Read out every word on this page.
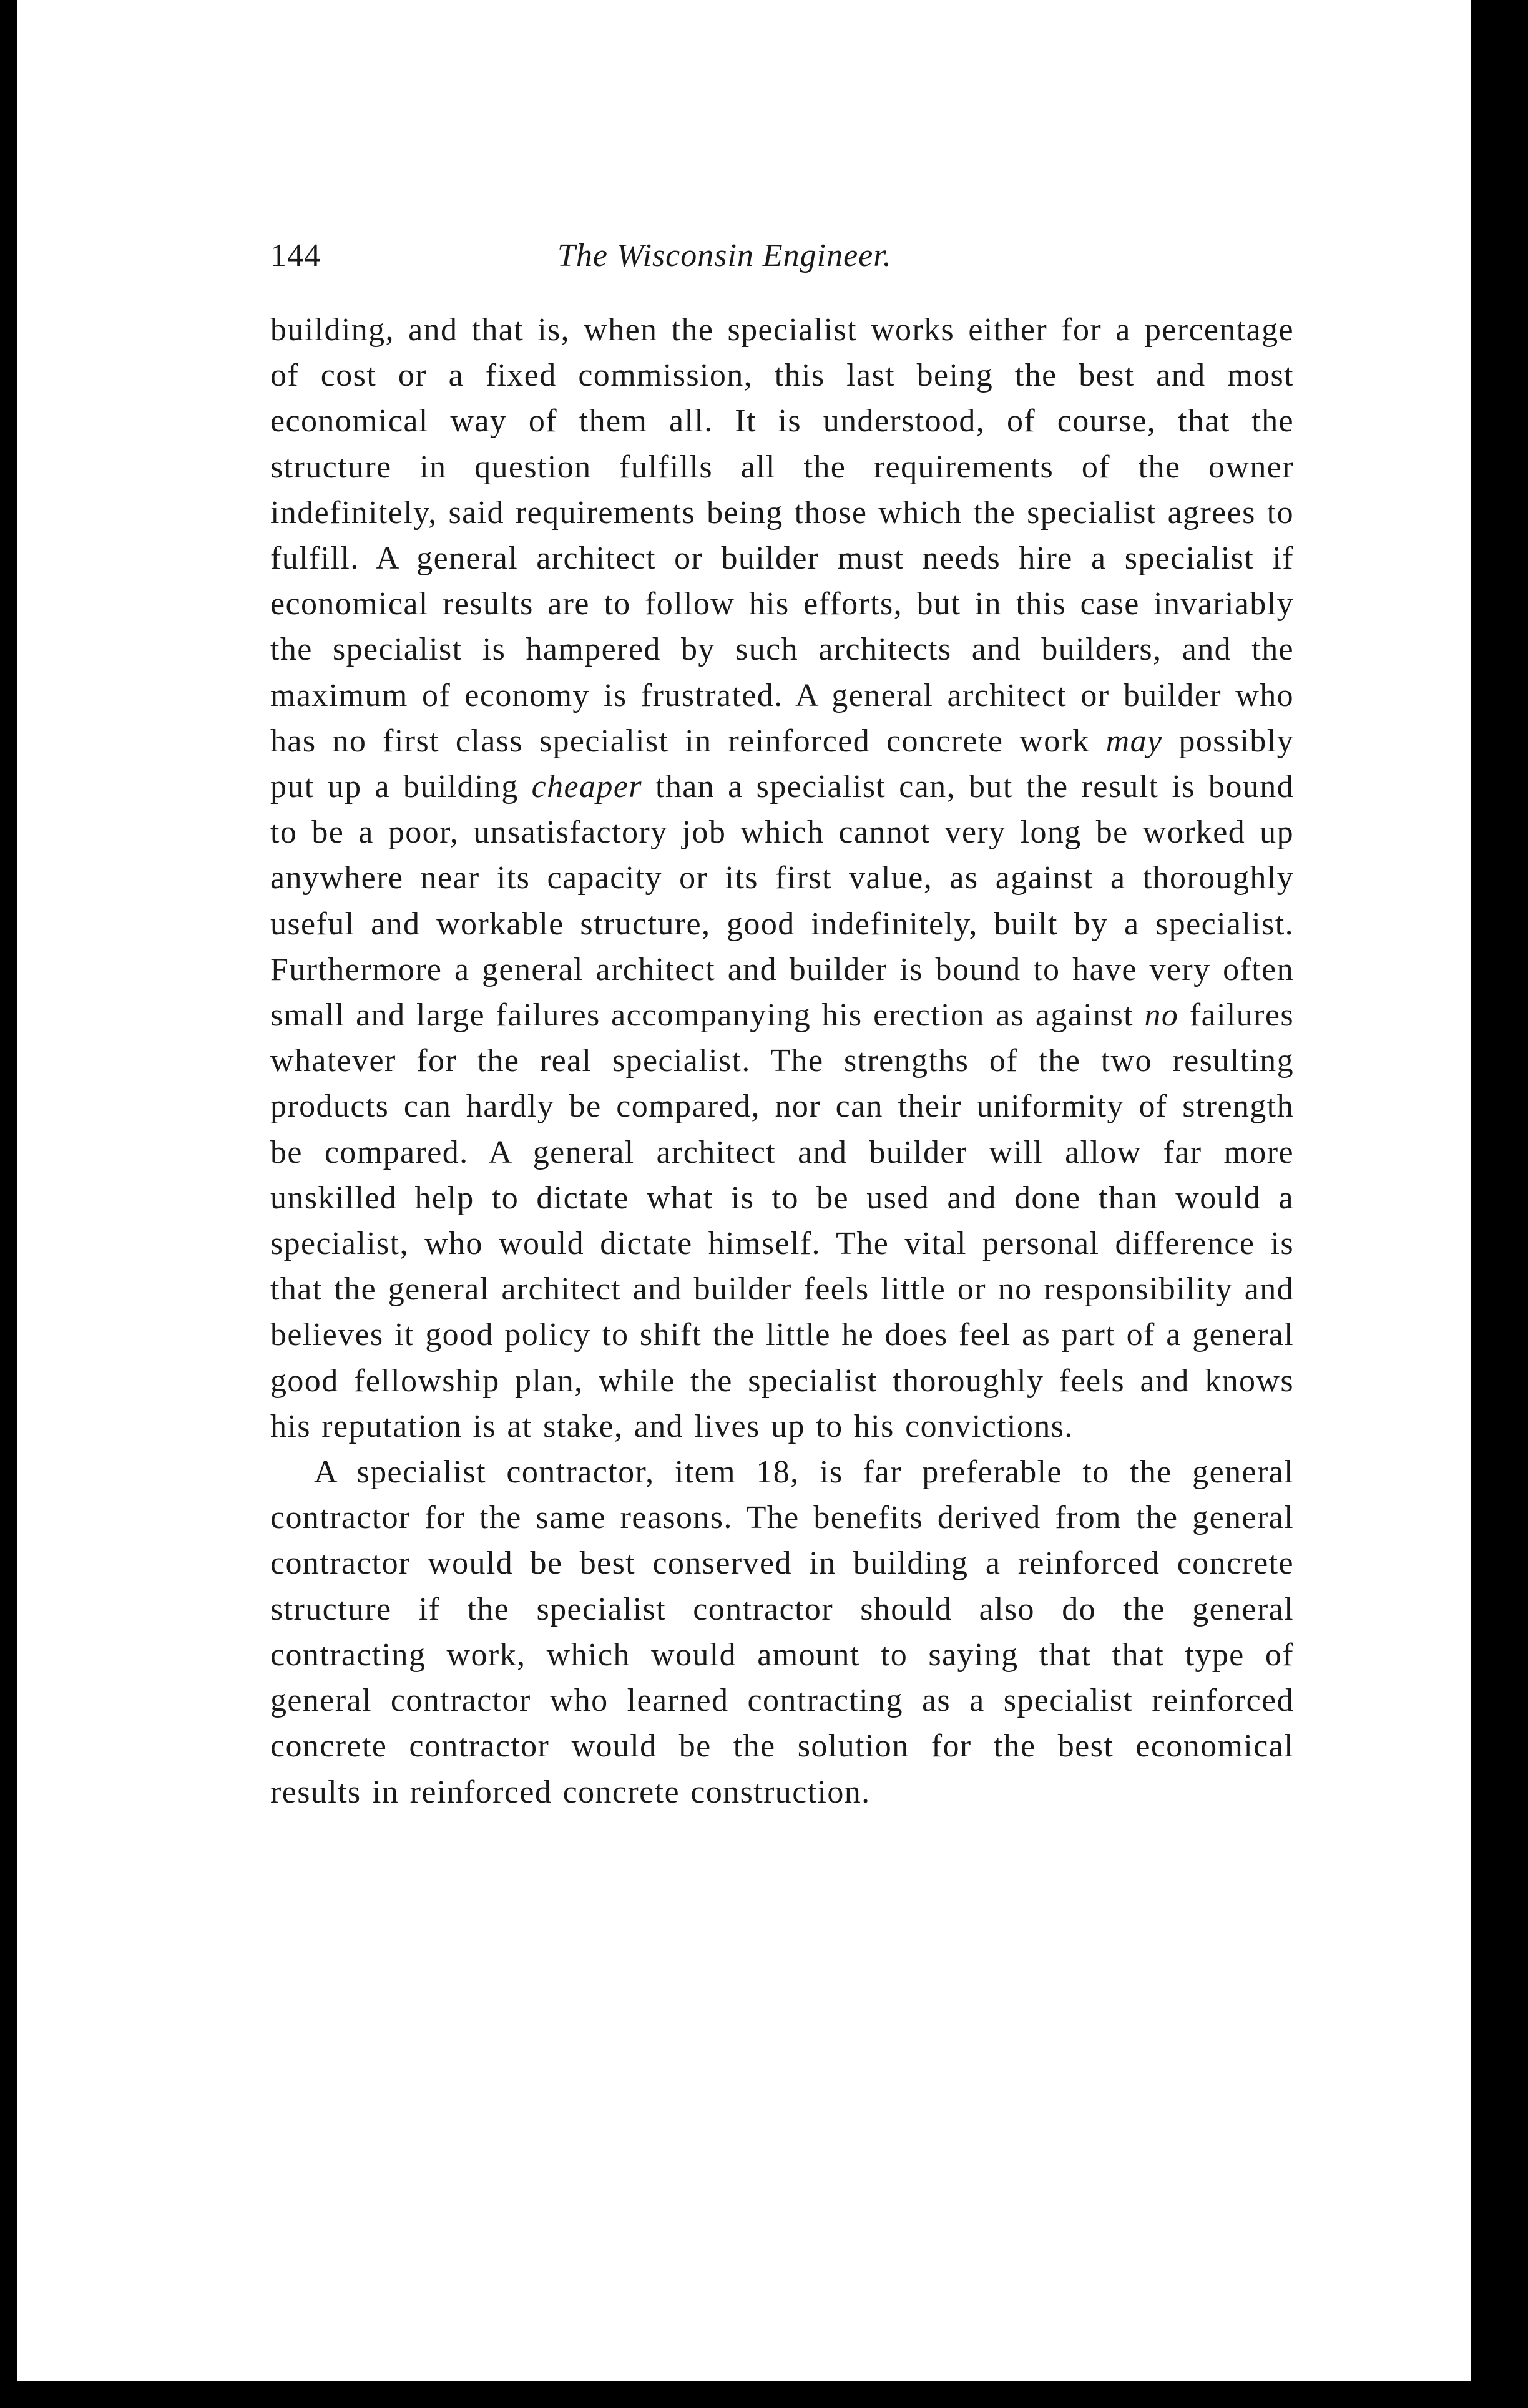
144	The Wisconsin Engineer.

building, and that is, when the specialist works either for a percentage of cost or a fixed commission, this last being the best and most economical way of them all. It is understood, of course, that the structure in question fulfills all the requirements of the owner indefinitely, said requirements being those which the specialist agrees to fulfill. A general architect or builder must needs hire a specialist if economical results are to follow his efforts, but in this case invariably the specialist is hampered by such architects and builders, and the maximum of economy is frustrated. A general architect or builder who has no first class specialist in reinforced concrete work may possibly put up a building cheaper than a specialist can, but the result is bound to be a poor, unsatisfactory job which cannot very long be worked up anywhere near its capacity or its first value, as against a thoroughly useful and workable structure, good indefinitely, built by a specialist. Furthermore a general architect and builder is bound to have very often small and large failures accompanying his erection as against no failures whatever for the real specialist. The strengths of the two resulting products can hardly be compared, nor can their uniformity of strength be compared. A general architect and builder will allow far more unskilled help to dictate what is to be used and done than would a specialist, who would dictate himself. The vital personal difference is that the general architect and builder feels little or no responsibility and believes it good policy to shift the little he does feel as part of a general good fellowship plan, while the specialist thoroughly feels and knows his reputation is at stake, and lives up to his convictions.

A specialist contractor, item 18, is far preferable to the general contractor for the same reasons. The benefits derived from the general contractor would be best conserved in building a reinforced concrete structure if the specialist contractor should also do the general contracting work, which would amount to saying that that type of general contractor who learned contracting as a specialist reinforced concrete contractor would be the solution for the best economical results in reinforced concrete construction.
